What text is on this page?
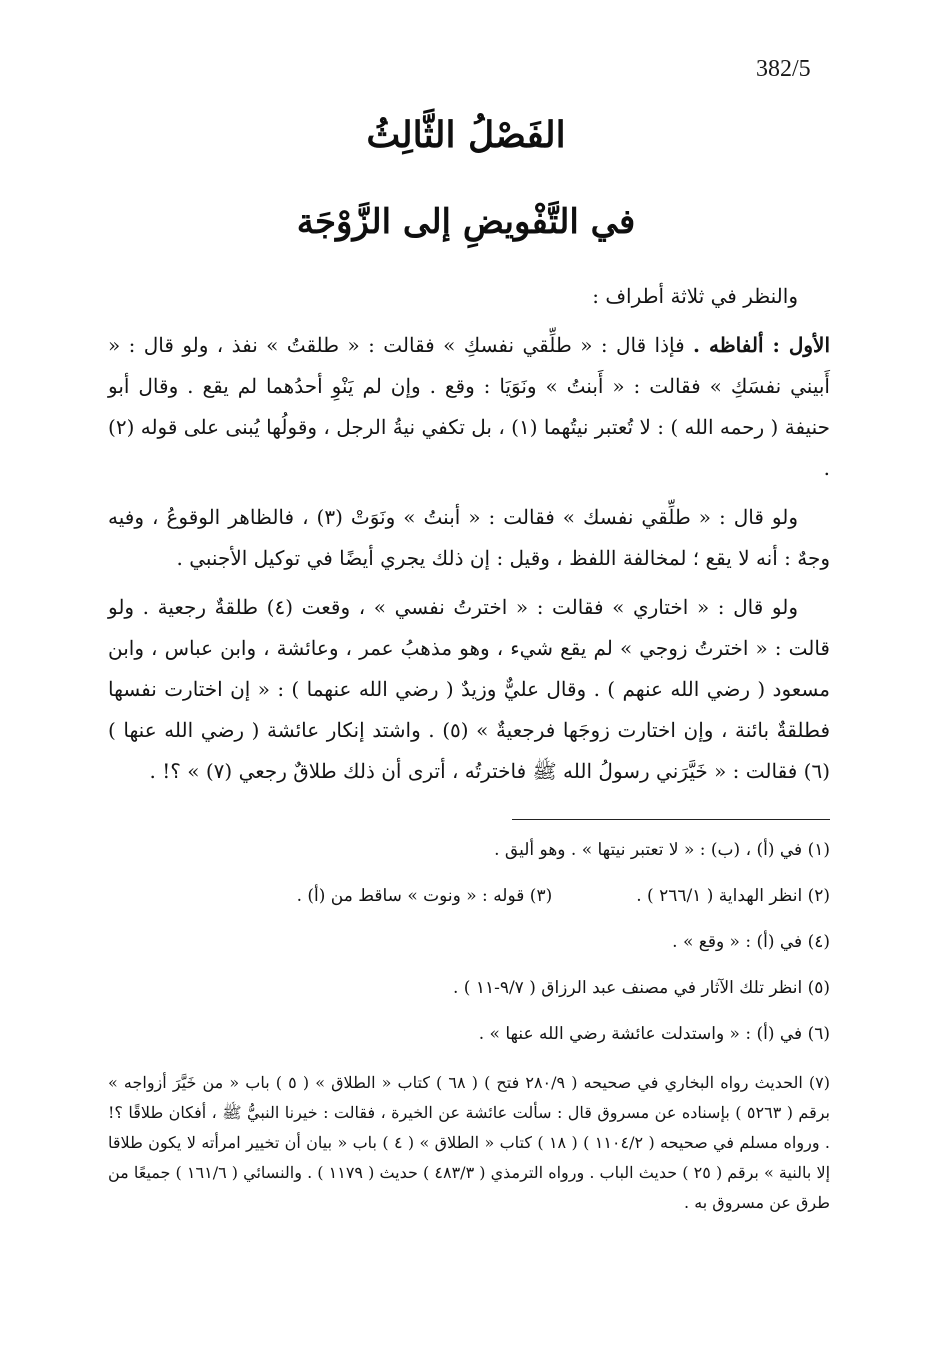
382/5
الفَصْلُ الثَّالِثُ
في التَّفْويضِ إلى الزَّوْجَة

والنظر في ثلاثة أطراف :

الأول : ألفاظه . فإذا قال : « طلِّقي نفسكِ » فقالت : « طلقتُ » نفذ ، ولو قال : « أَبيني نفسَكِ » فقالت : « أَبنتُ » ونَوَيَا : وقع . وإن لم يَنْوِ أحدُهما لم يقع . وقال أبو حنيفة ( رحمه الله ) : لا تُعتبر نيتُهما (١) ، بل تكفي نيةُ الرجل ، وقولُها يُبنى على قوله (٢) .

ولو قال : « طلِّقي نفسك » فقالت : « أبنتُ » ونَوَتْ (٣) ، فالظاهر الوقوعُ ، وفيه وجهٌ : أنه لا يقع ؛ لمخالفة اللفظ ، وقيل : إن ذلك يجري أيضًا في توكيل الأجنبي .

ولو قال : « اختاري » فقالت : « اخترتُ نفسي » ، وقعت (٤) طلقةٌ رجعية . ولو قالت : « اخترتُ زوجي » لم يقع شيء ، وهو مذهبُ عمر ، وعائشة ، وابن عباس ، وابن مسعود ( رضي الله عنهم ) . وقال عليٌّ وزيدٌ ( رضي الله عنهما ) : « إن اختارت نفسها فطلقةٌ بائنة ، وإن اختارت زوجَها فرجعيةٌ » (٥) . واشتد إنكار عائشة ( رضي الله عنها ) (٦) فقالت : « خَيَّرَني رسولُ الله ﷺ فاخترتُه ، أترى أن ذلك طلاقٌ رجعي (٧) » ؟! .

(١) في (أ) ، (ب) : « لا تعتبر نيتها » . وهو أليق .

(٢) انظر الهداية ( ٢٦٦/١ ) .
(٣) قوله : « ونوت » ساقط من (أ) .

(٤) في (أ) : « وقع » .

(٥) انظر تلك الآثار في مصنف عبد الرزاق ( ٩/٧-١١ ) .

(٦) في (أ) : « واستدلت عائشة رضي الله عنها » .

(٧) الحديث رواه البخاري في صحيحه ( ٢٨٠/٩ فتح ) ( ٦٨ ) كتاب « الطلاق » ( ٥ ) باب « من خَيَّرَ أزواجه » برقم ( ٥٢٦٣ ) بإسناده عن مسروق قال : سألت عائشة عن الخيرة ، فقالت : خيرنا النبيُّ ﷺ ، أفكان طلاقًا ؟! . ورواه مسلم في صحيحه ( ١١٠٤/٢ ) ( ١٨ ) كتاب « الطلاق » ( ٤ ) باب « بيان أن تخيير امرأته لا يكون طلاقا إلا بالنية » برقم ( ٢٥ ) حديث الباب . ورواه الترمذي ( ٤٨٣/٣ ) حديث ( ١١٧٩ ) . والنسائي ( ١٦١/٦ ) جميعًا من طرق عن مسروق به .
